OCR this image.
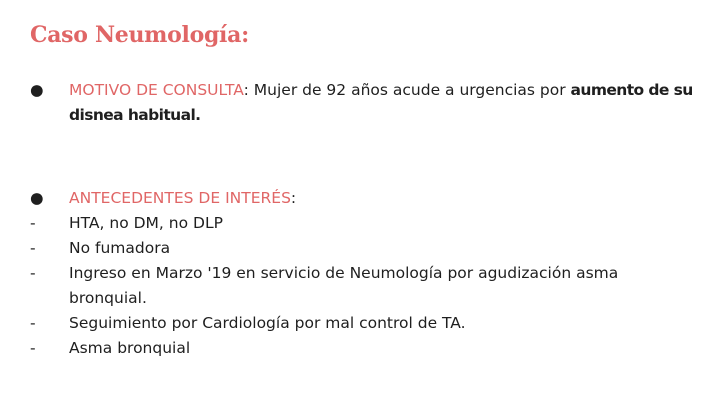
Caso Neumología:
●	MOTIVO DE CONSULTA: Mujer de 92 años acude a urgencias por aumento de su disnea habitual.
●	ANTECEDENTES DE INTERÉS:
-	HTA, no DM, no DLP
-	No fumadora
-	Ingreso en Marzo '19 en servicio de Neumología por agudización asma bronquial.
-	Seguimiento por Cardiología por mal control de TA.
-	Asma bronquial
